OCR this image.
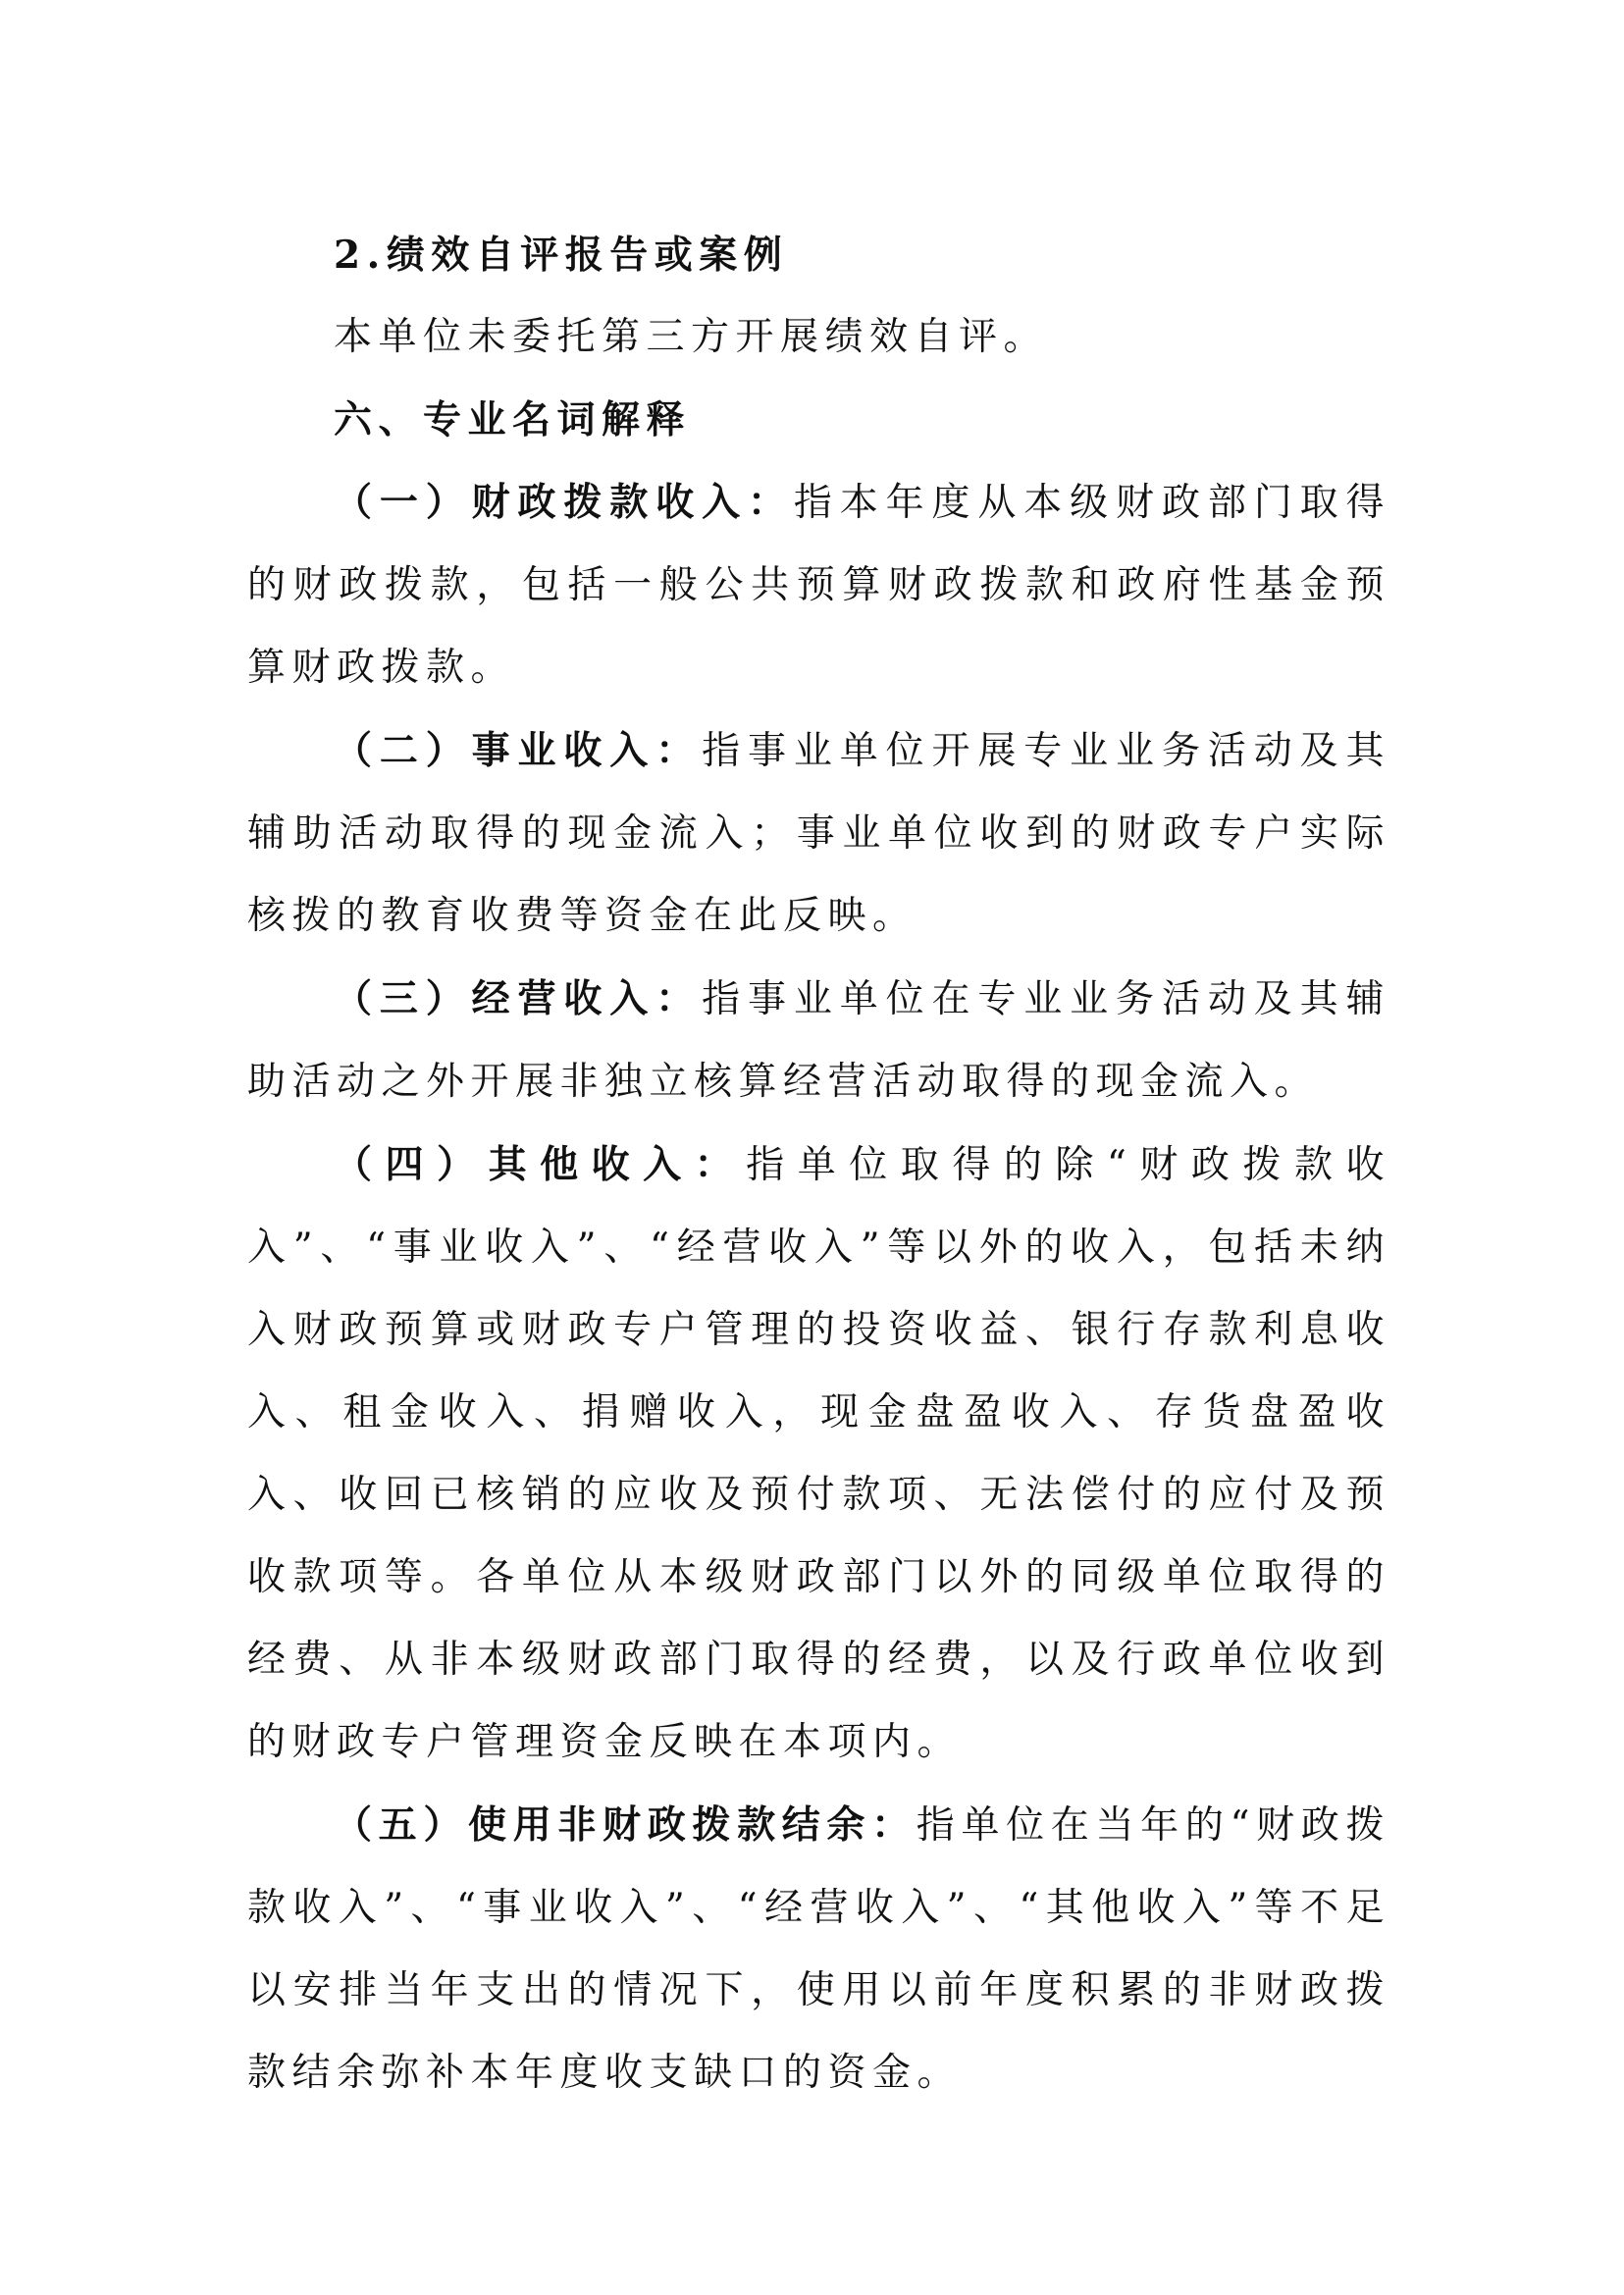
2.绩效自评报告或案例

本单位未委托第三方开展绩效自评。

六、专业名词解释

（一）财政拨款收入：指本年度从本级财政部门取得的财政拨款，包括一般公共预算财政拨款和政府性基金预算财政拨款。

（二）事业收入：指事业单位开展专业业务活动及其辅助活动取得的现金流入；事业单位收到的财政专户实际核拨的教育收费等资金在此反映。

（三）经营收入：指事业单位在专业业务活动及其辅助活动之外开展非独立核算经营活动取得的现金流入。

（四）其他收入：指单位取得的除“财政拨款收入”、“事业收入”、“经营收入”等以外的收入，包括未纳入财政预算或财政专户管理的投资收益、银行存款利息收入、租金收入、捐赠收入，现金盘盈收入、存货盘盈收入、收回已核销的应收及预付款项、无法偿付的应付及预收款项等。各单位从本级财政部门以外的同级单位取得的经费、从非本级财政部门取得的经费，以及行政单位收到的财政专户管理资金反映在本项内。

（五）使用非财政拨款结余：指单位在当年的“财政拨款收入”、“事业收入”、“经营收入”、“其他收入”等不足以安排当年支出的情况下，使用以前年度积累的非财政拨款结余弥补本年度收支缺口的资金。
